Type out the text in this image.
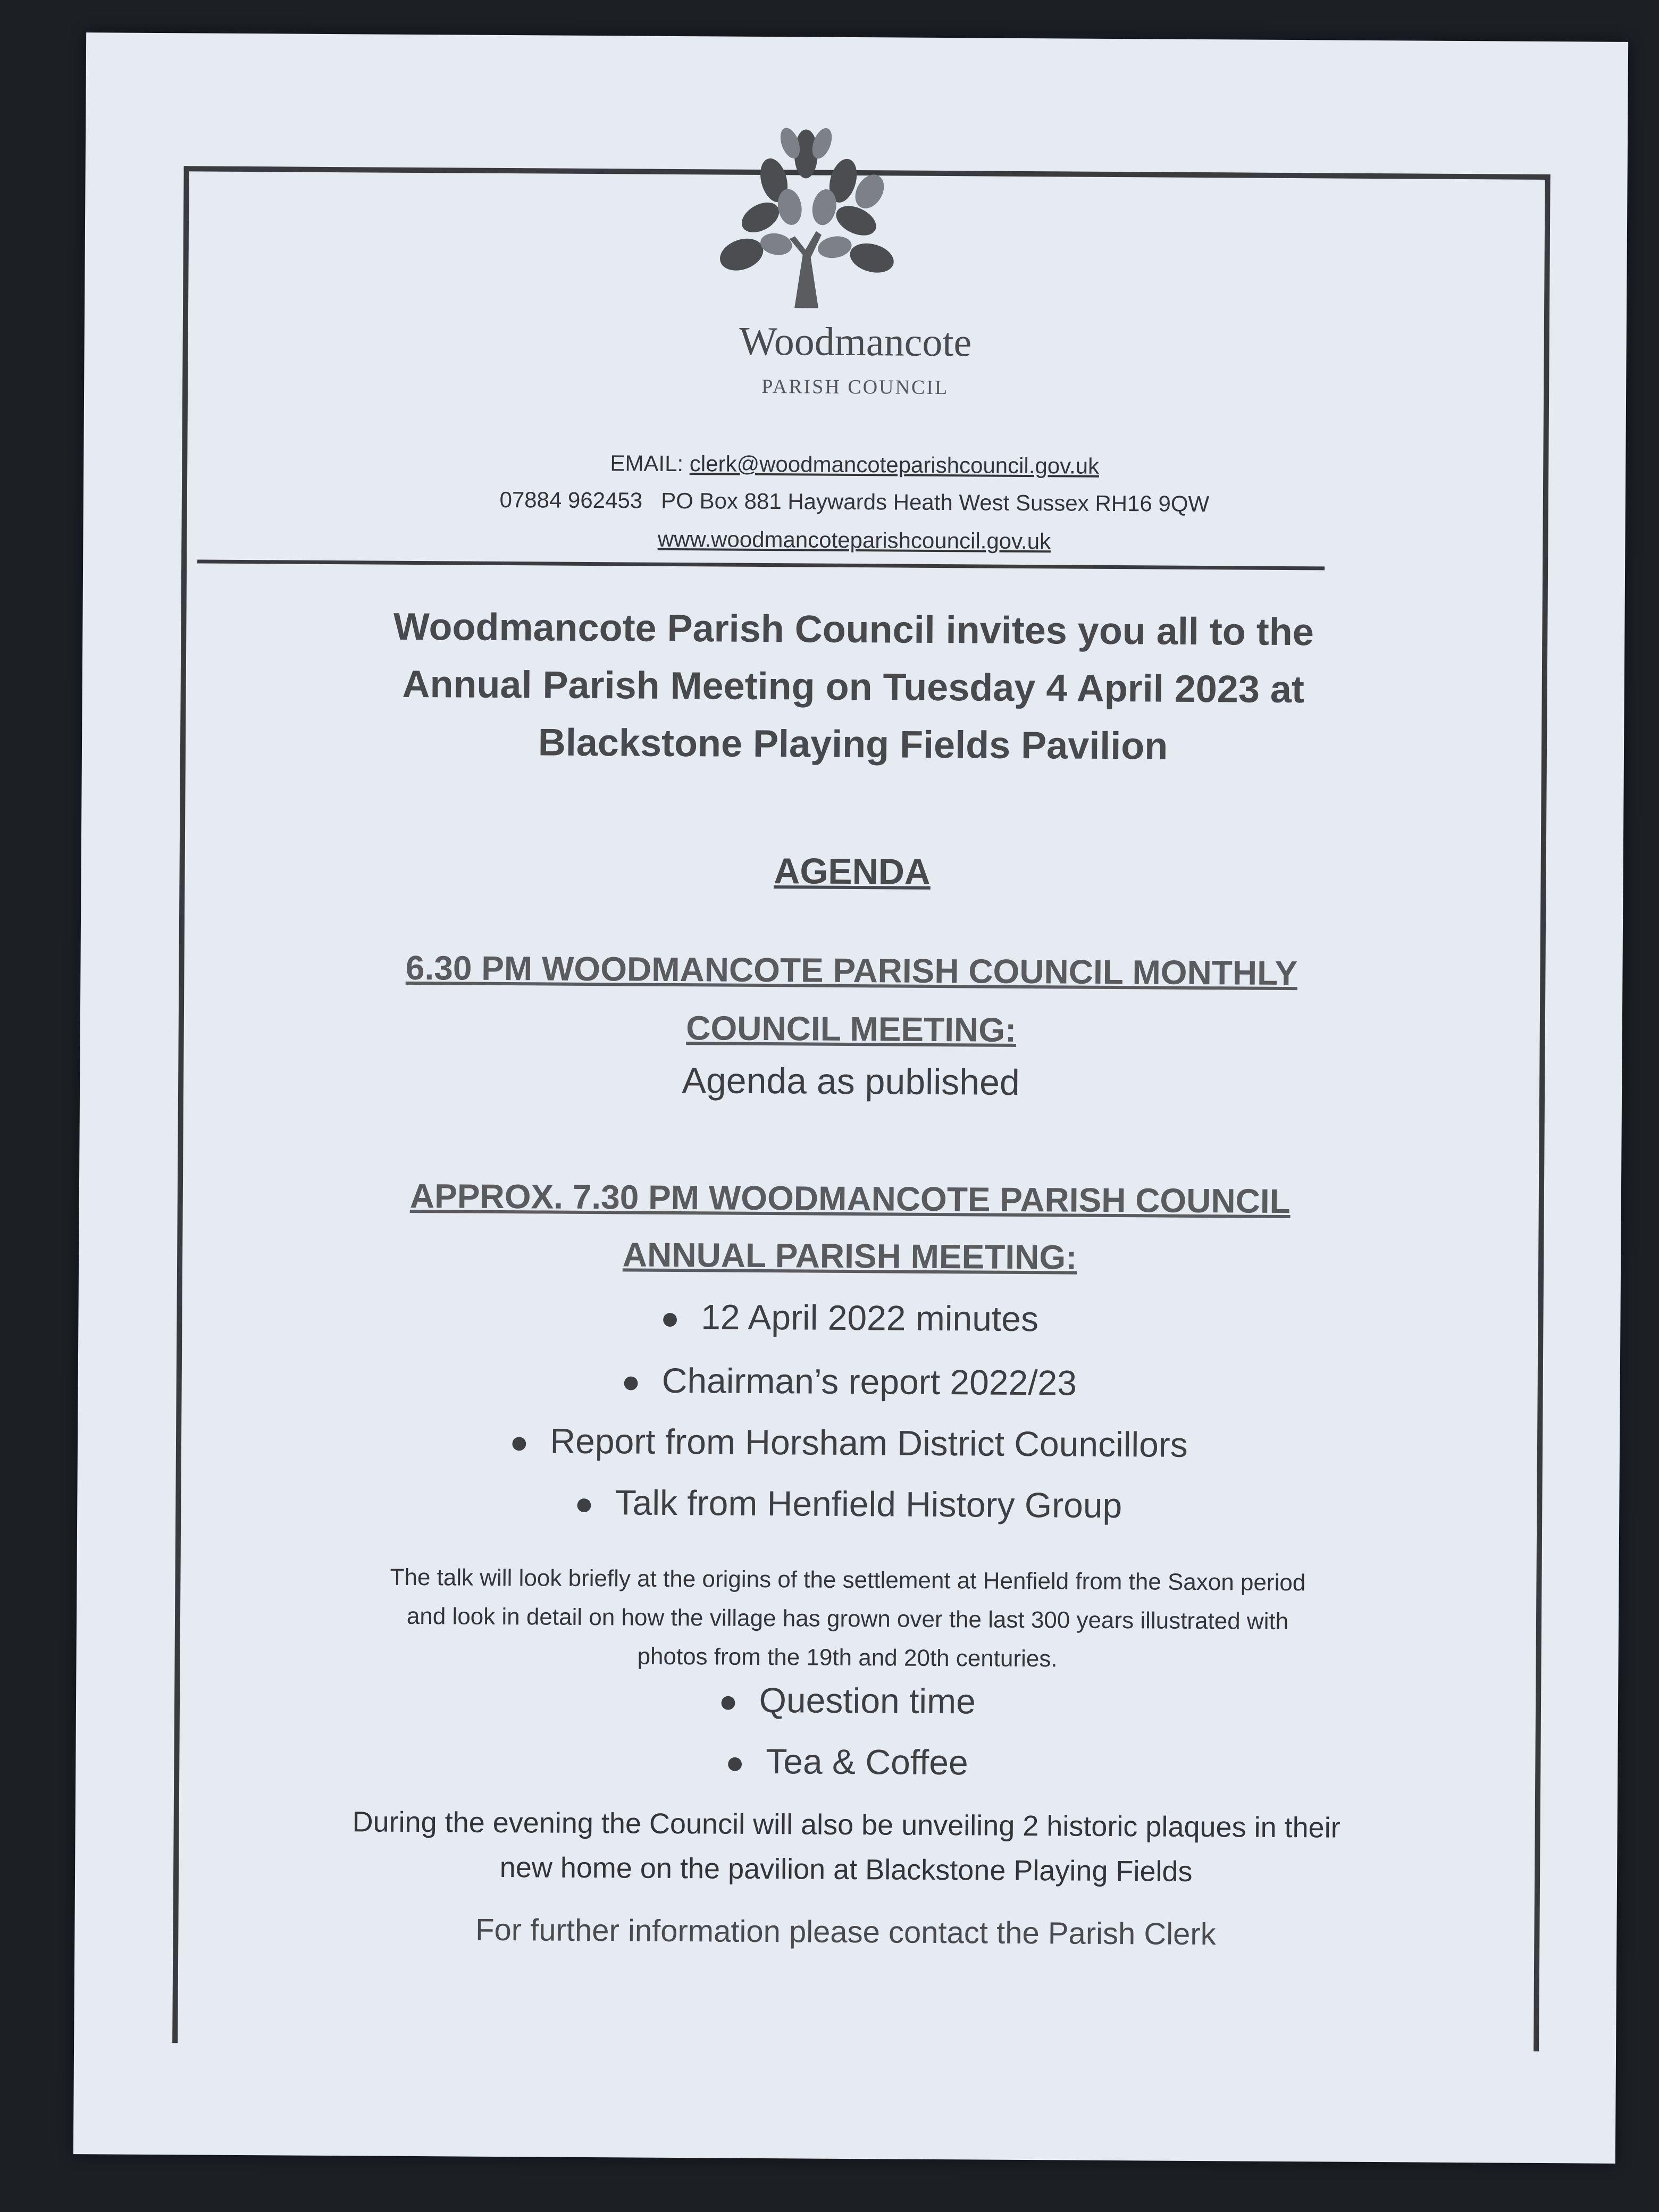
Woodmancote
PARISH COUNCIL
EMAIL: clerk@woodmancoteparishcouncil.gov.uk
07884 962453 PO Box 881 Haywards Heath West Sussex RH16 9QW
www.woodmancoteparishcouncil.gov.uk
Woodmancote Parish Council invites you all to the
Annual Parish Meeting on Tuesday 4 April 2023 at
Blackstone Playing Fields Pavilion
AGENDA
6.30 PM WOODMANCOTE PARISH COUNCIL MONTHLY
COUNCIL MEETING:
Agenda as published
APPROX. 7.30 PM WOODMANCOTE PARISH COUNCIL
ANNUAL PARISH MEETING:
● 12 April 2022 minutes
● Chairman’s report 2022/23
● Report from Horsham District Councillors
● Talk from Henfield History Group
The talk will look briefly at the origins of the settlement at Henfield from the Saxon period
and look in detail on how the village has grown over the last 300 years illustrated with
photos from the 19th and 20th centuries.
● Question time
● Tea & Coffee
During the evening the Council will also be unveiling 2 historic plaques in their
new home on the pavilion at Blackstone Playing Fields
For further information please contact the Parish Clerk
